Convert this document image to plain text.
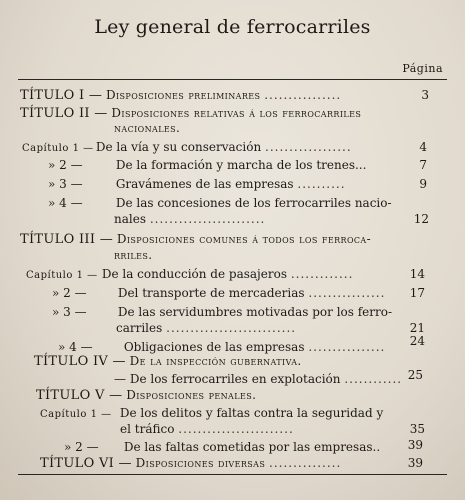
Ley general de ferrocarriles
Página
TÍTULO I — Disposiciones preliminares ................	3
TÍTULO II — Disposiciones relativas á los ferrocarriles
nacionales.
Capítulo 1 — De la vía y su conservación ..................	4
» 2 —	De la formación y marcha de los trenes...	7
» 3 —	Gravámenes de las empresas ..........	9
» 4 —	De las concesiones de los ferrocarriles nacio-
nales ........................	12
TÍTULO III — Disposiciones comunes á todos los ferroca-
rriles.
Capítulo 1 — De la conducción de pasajeros .............	14
» 2 —	Del transporte de mercaderias ................ 17
» 3 —	De las servidumbres motivadas por los ferro-
carriles ...........................	21
» 4 —	Obligaciones de las empresas ................ 24
TÍTULO IV — De la inspección gubernativa.
— De los ferrocarriles en explotación ............ 25
TÍTULO V — Disposiciones penales.
Capítulo 1 — De los delitos y faltas contra la seguridad y
el tráfico ........................	35
» 2 — De las faltas cometidas por las empresas.. 39
TÍTULO VI — Disposiciones diversas ...............	39
